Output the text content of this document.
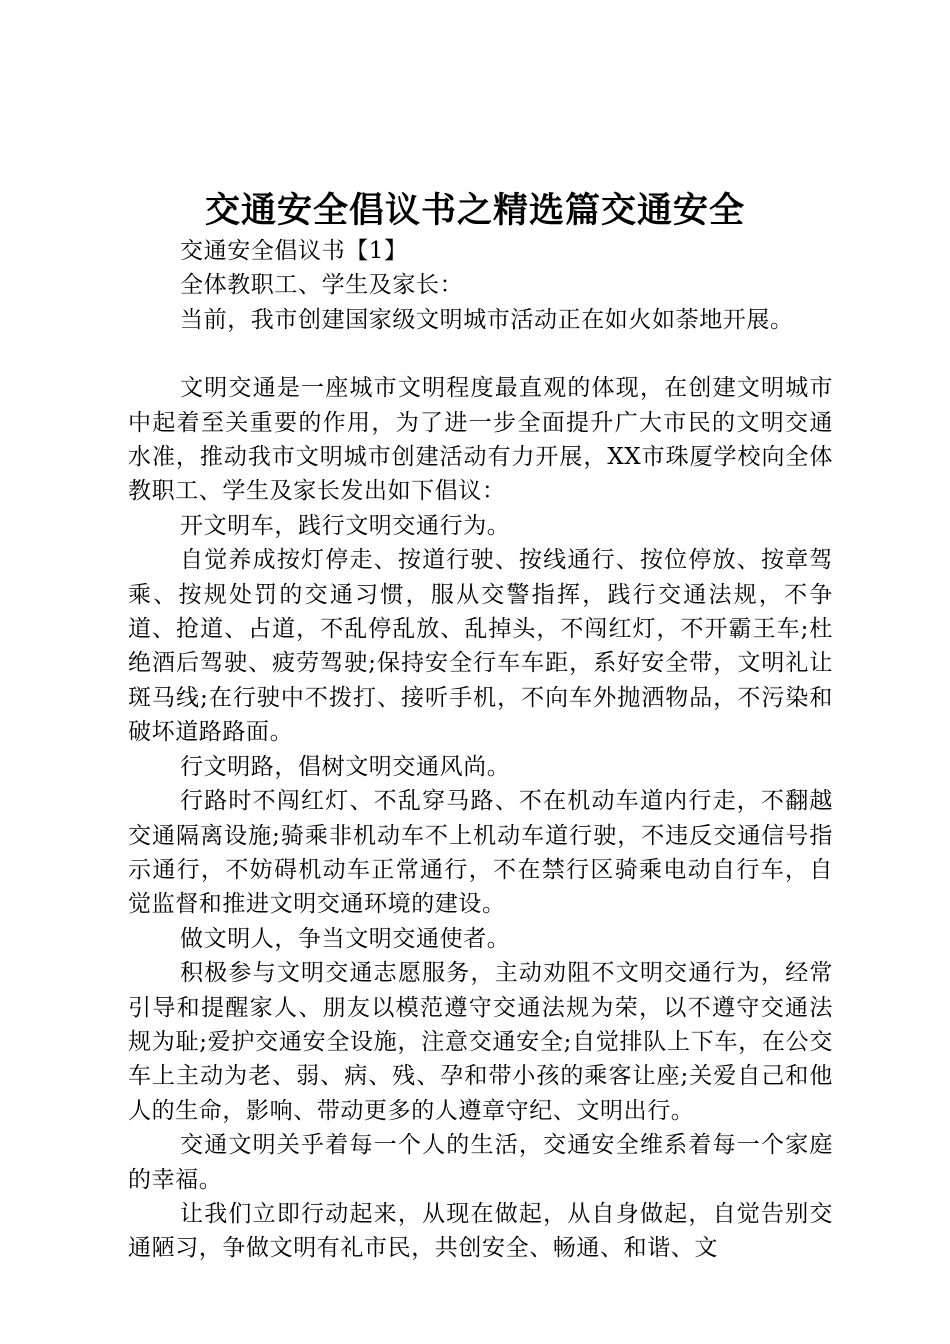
交通安全倡议书之精选篇交通安全

交通安全倡议书【1】

全体教职工、学生及家长：

当前，我市创建国家级文明城市活动正在如火如荼地开展。

文明交通是一座城市文明程度最直观的体现，在创建文明城市中起着至关重要的作用，为了进一步全面提升广大市民的文明交通水准，推动我市文明城市创建活动有力开展，XX市珠厦学校向全体教职工、学生及家长发出如下倡议：

开文明车，践行文明交通行为。

自觉养成按灯停走、按道行驶、按线通行、按位停放、按章驾乘、按规处罚的交通习惯，服从交警指挥，践行交通法规，不争道、抢道、占道，不乱停乱放、乱掉头，不闯红灯，不开霸王车;杜绝酒后驾驶、疲劳驾驶;保持安全行车车距，系好安全带，文明礼让斑马线;在行驶中不拨打、接听手机，不向车外抛洒物品，不污染和破坏道路路面。

行文明路，倡树文明交通风尚。

行路时不闯红灯、不乱穿马路、不在机动车道内行走，不翻越交通隔离设施;骑乘非机动车不上机动车道行驶，不违反交通信号指示通行，不妨碍机动车正常通行，不在禁行区骑乘电动自行车，自觉监督和推进文明交通环境的建设。

做文明人，争当文明交通使者。

积极参与文明交通志愿服务，主动劝阻不文明交通行为，经常引导和提醒家人、朋友以模范遵守交通法规为荣，以不遵守交通法规为耻;爱护交通安全设施，注意交通安全;自觉排队上下车，在公交车上主动为老、弱、病、残、孕和带小孩的乘客让座;关爱自己和他人的生命，影响、带动更多的人遵章守纪、文明出行。

交通文明关乎着每一个人的生活，交通安全维系着每一个家庭的幸福。

让我们立即行动起来，从现在做起，从自身做起，自觉告别交通陋习，争做文明有礼市民，共创安全、畅通、和谐、文
